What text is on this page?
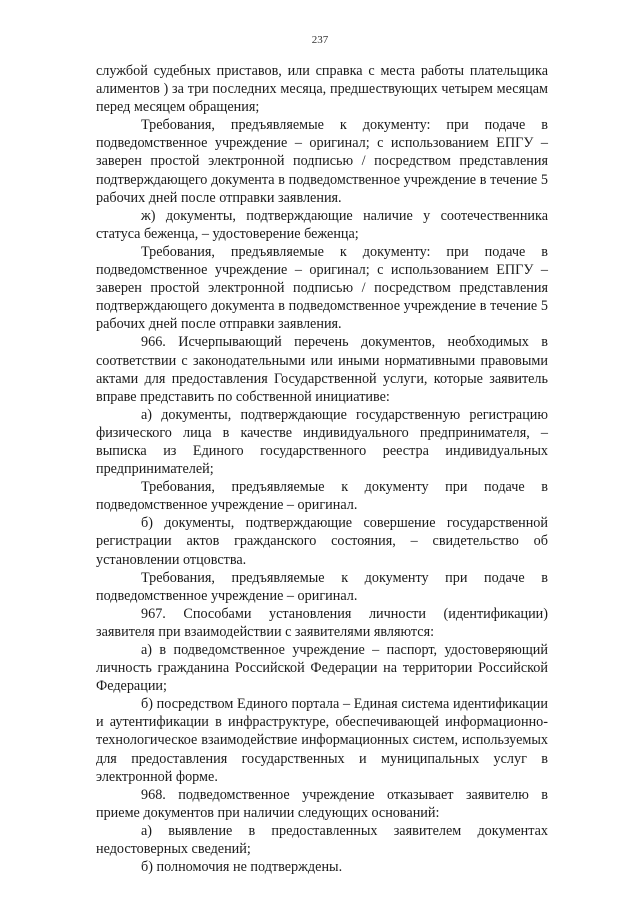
237

службой судебных приставов, или справка с места работы плательщика алиментов ) за три последних месяца, предшествующих четырем месяцам перед месяцем обращения;

Требования, предъявляемые к документу: при подаче в подведомственное учреждение – оригинал; с использованием ЕПГУ – заверен простой электронной подписью / посредством представления подтверждающего документа в подведомственное учреждение в течение 5 рабочих дней после отправки заявления.

ж) документы, подтверждающие наличие у соотечественника статуса беженца, – удостоверение беженца;

Требования, предъявляемые к документу: при подаче в подведомственное учреждение – оригинал; с использованием ЕПГУ – заверен простой электронной подписью / посредством представления подтверждающего документа в подведомственное учреждение в течение 5 рабочих дней после отправки заявления.

966. Исчерпывающий перечень документов, необходимых в соответствии с законодательными или иными нормативными правовыми актами для предоставления Государственной услуги, которые заявитель вправе представить по собственной инициативе:

а) документы, подтверждающие государственную регистрацию физического лица в качестве индивидуального предпринимателя, – выписка из Единого государственного реестра индивидуальных предпринимателей;

Требования, предъявляемые к документу при подаче в подведомственное учреждение – оригинал.

б) документы, подтверждающие совершение государственной регистрации актов гражданского состояния, – свидетельство об установлении отцовства.

Требования, предъявляемые к документу при подаче в подведомственное учреждение – оригинал.

967. Способами установления личности (идентификации) заявителя при взаимодействии с заявителями являются:

а) в подведомственное учреждение – паспорт, удостоверяющий личность гражданина Российской Федерации на территории Российской Федерации;

б) посредством Единого портала – Единая система идентификации и аутентификации в инфраструктуре, обеспечивающей информационно-технологическое взаимодействие информационных систем, используемых для предоставления государственных и муниципальных услуг в электронной форме.

968. подведомственное учреждение отказывает заявителю в приеме документов при наличии следующих оснований:

а) выявление в предоставленных заявителем документах недостоверных сведений;

б) полномочия не подтверждены.
